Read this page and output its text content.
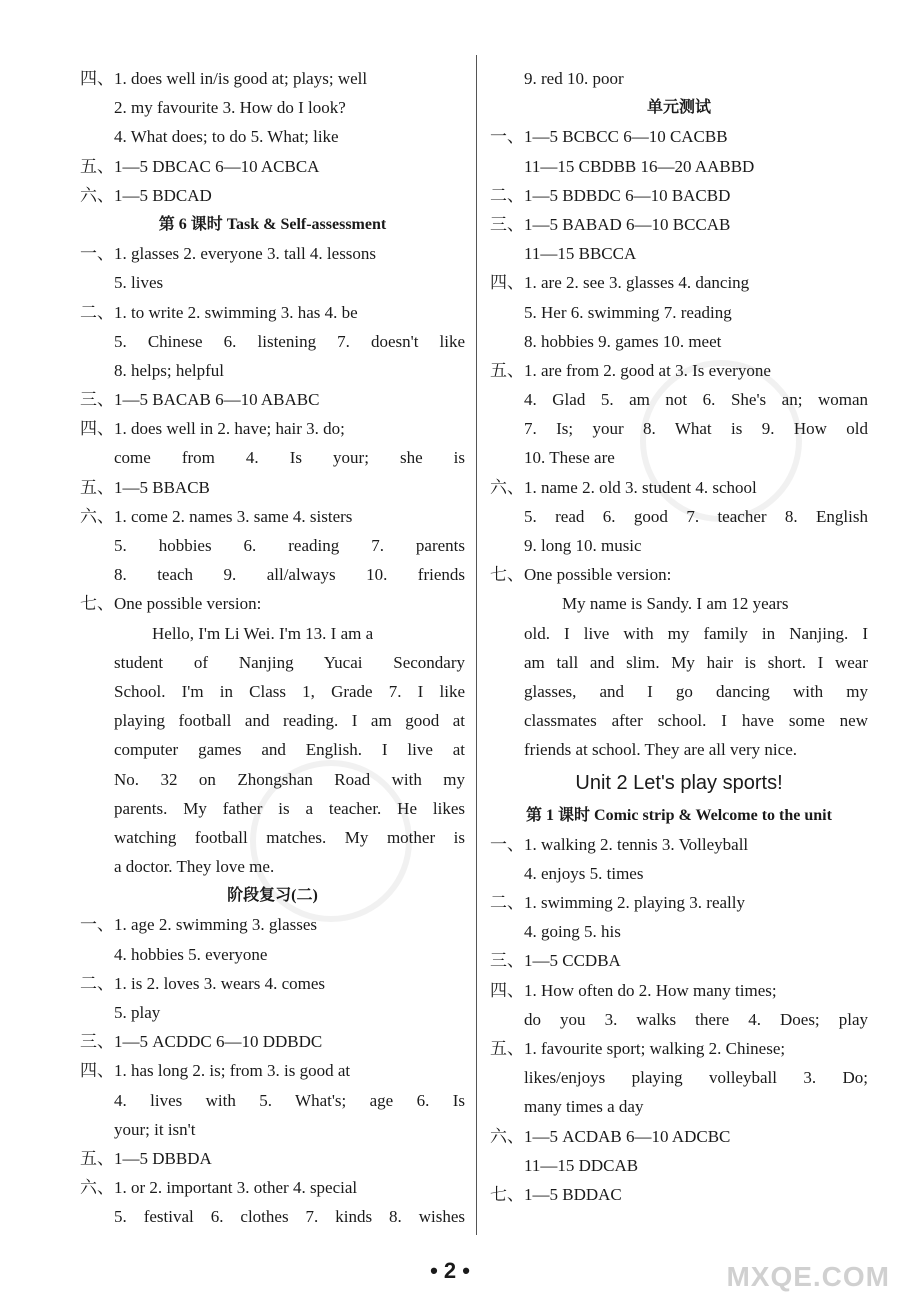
四、1. does well in/is good at; plays; well
2. my favourite 3. How do I look?
4. What does; to do 5. What; like
五、1—5 DBCAC 6—10 ACBCA
六、1—5 BDCAD
第 6 课时 Task & Self-assessment
一、1. glasses 2. everyone 3. tall 4. lessons
5. lives
二、1. to write 2. swimming 3. has 4. be
5. Chinese 6. listening 7. doesn't like
8. helps; helpful
三、1—5 BACAB 6—10 ABABC
四、1. does well in 2. have; hair 3. do;
come from 4. Is your; she is
五、1—5 BBACB
六、1. come 2. names 3. same 4. sisters
5. hobbies 6. reading 7. parents
8. teach 9. all/always 10. friends
七、One possible version:
Hello, I'm Li Wei. I'm 13. I am a
student of Nanjing Yucai Secondary
School. I'm in Class 1, Grade 7. I like
playing football and reading. I am good at
computer games and English. I live at
No. 32 on Zhongshan Road with my
parents. My father is a teacher. He likes
watching football matches. My mother is
a doctor. They love me.
阶段复习(二)
一、1. age 2. swimming 3. glasses
4. hobbies 5. everyone
二、1. is 2. loves 3. wears 4. comes
5. play
三、1—5 ACDDC 6—10 DDBDC
四、1. has long 2. is; from 3. is good at
4. lives with 5. What's; age 6. Is
your; it isn't
五、1—5 DBBDA
六、1. or 2. important 3. other 4. special
5. festival 6. clothes 7. kinds 8. wishes
9. red 10. poor
单元测试
一、1—5 BCBCC 6—10 CACBB
11—15 CBDBB 16—20 AABBD
二、1—5 BDBDC 6—10 BACBD
三、1—5 BABAD 6—10 BCCAB
11—15 BBCCA
四、1. are 2. see 3. glasses 4. dancing
5. Her 6. swimming 7. reading
8. hobbies 9. games 10. meet
五、1. are from 2. good at 3. Is everyone
4. Glad 5. am not 6. She's an; woman
7. Is; your 8. What is 9. How old
10. These are
六、1. name 2. old 3. student 4. school
5. read 6. good 7. teacher 8. English
9. long 10. music
七、One possible version:
My name is Sandy. I am 12 years
old. I live with my family in Nanjing. I
am tall and slim. My hair is short. I wear
glasses, and I go dancing with my
classmates after school. I have some new
friends at school. They are all very nice.
Unit 2 Let's play sports!
第 1 课时 Comic strip & Welcome to the unit
一、1. walking 2. tennis 3. Volleyball
4. enjoys 5. times
二、1. swimming 2. playing 3. really
4. going 5. his
三、1—5 CCDBA
四、1. How often do 2. How many times;
do you 3. walks there 4. Does; play
五、1. favourite sport; walking 2. Chinese;
likes/enjoys playing volleyball 3. Do;
many times a day
六、1—5 ACDAB 6—10 ADCBC
11—15 DDCAB
七、1—5 BDDAC
• 2 •	MXQE.COM
